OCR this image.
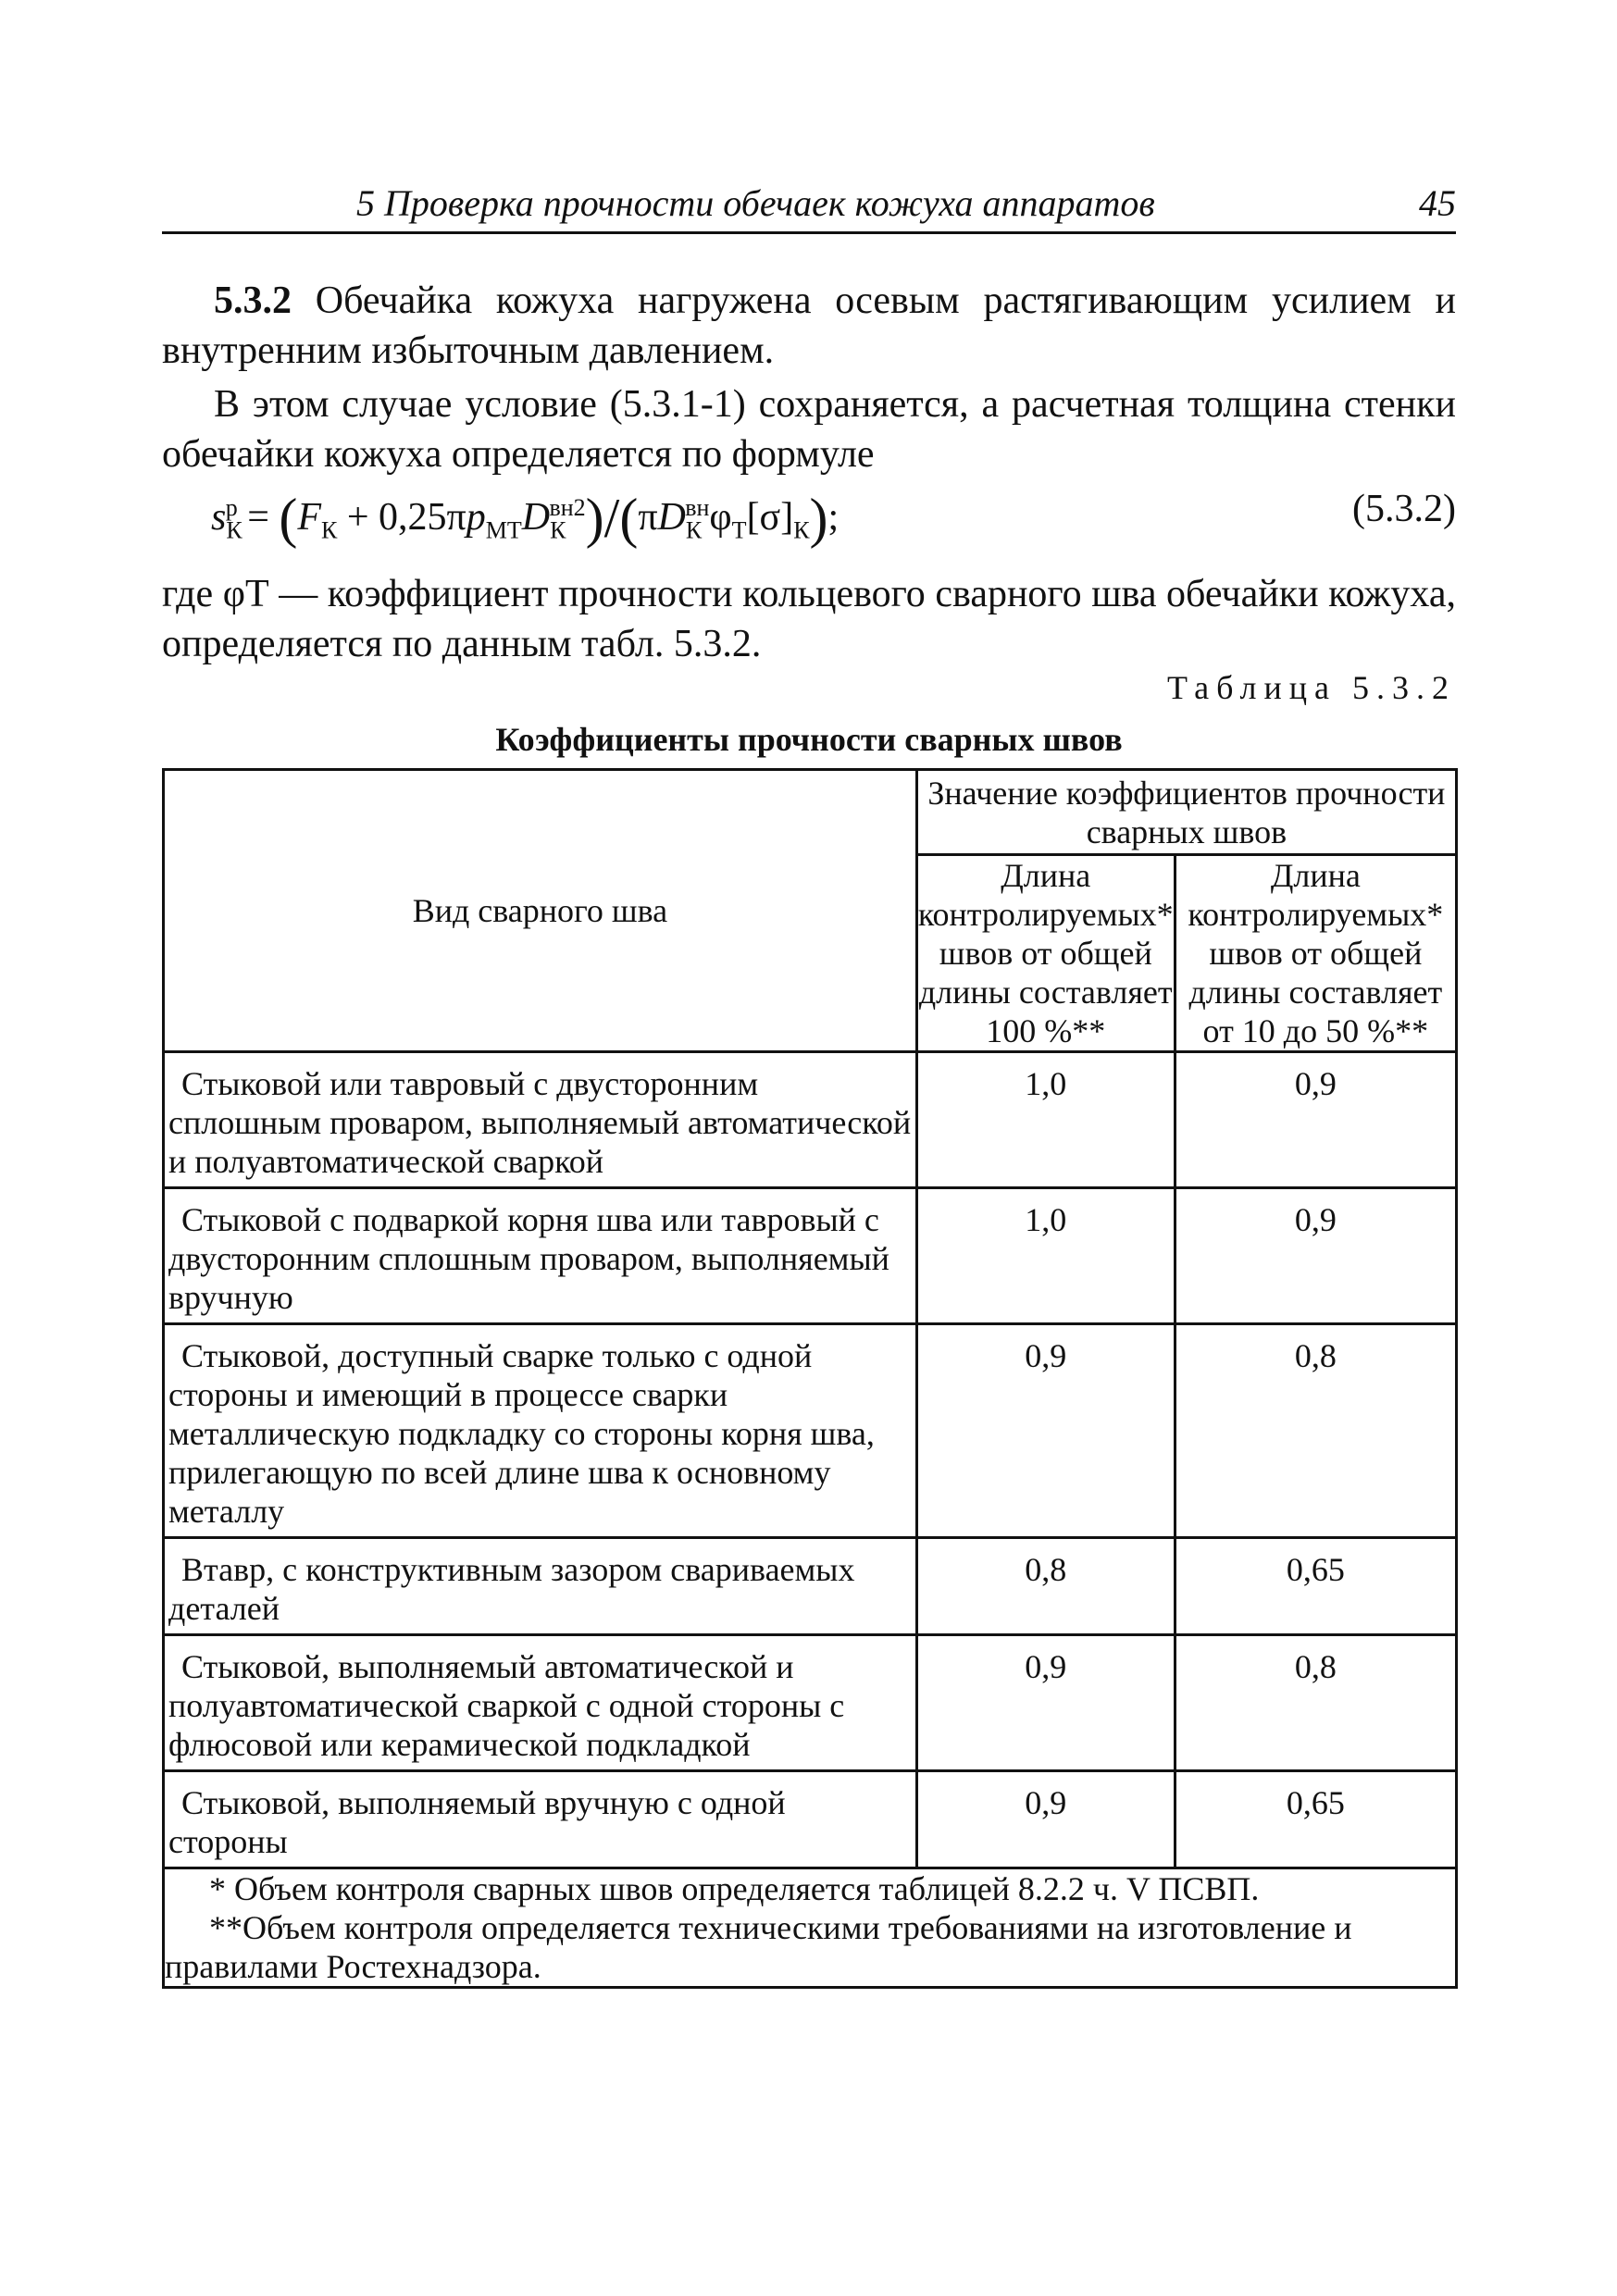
5 Проверка прочности обечаек кожуха аппаратов	45
5.3.2 Обечайка кожуха нагружена осевым растягивающим усилием и внутренним избыточным давлением.
В этом случае условие (5.3.1-1) сохраняется, а расчетная толщина стенки обечайки кожуха определяется по формуле
$s_К^р = (F_К + 0,25\pi p_{МТ}D_К^{вн2})/(\pi D_К^{вн}\varphi_Т[\sigma]_К)$;	(5.3.2)
где φТ — коэффициент прочности кольцевого сварного шва обечайки кожуха, определяется по данным табл. 5.3.2.
Таблица 5.3.2
Коэффициенты прочности сварных швов
Вид сварного шва	Значение коэффициентов прочности сварных швов	
	Длина контролируемых* швов от общей длины составляет 100 %**	Длина контролируемых* швов от общей длины составляет от 10 до 50 %**
Стыковой или тавровый с двусторонним сплошным проваром, выполняемый автоматической и полуавтоматической сваркой	1,0	0,9
Стыковой с подваркой корня шва или тавровый с двусторонним сплошным проваром, выполняемый вручную	1,0	0,9
Стыковой, доступный сварке только с одной стороны и имеющий в процессе сварки металлическую подкладку со стороны корня шва, прилегающую по всей длине шва к основному металлу	0,9	0,8
Втавр, с конструктивным зазором свариваемых деталей	0,8	0,65
Стыковой, выполняемый автоматической и полуавтоматической сваркой с одной стороны с флюсовой или керамической подкладкой	0,9	0,8
Стыковой, выполняемый вручную с одной стороны	0,9	0,65

* Объем контроля сварных швов определяется таблицей 8.2.2 ч. V ПСВП.

**Объем контроля определяется техническими требованиями на изготовление и правилами Ростехнадзора.		
